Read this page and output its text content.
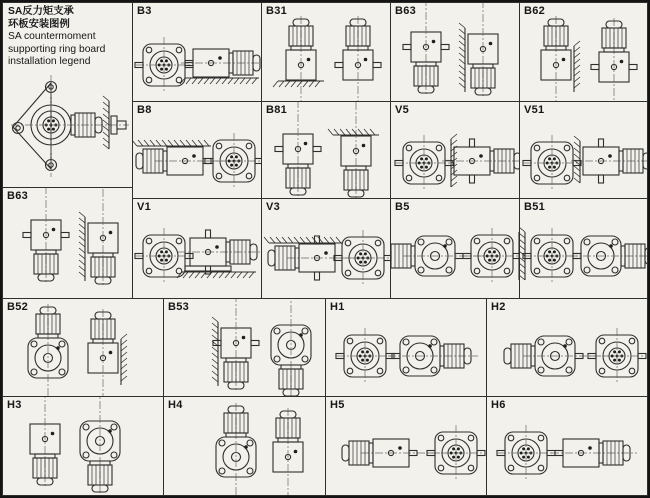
SA反力矩支承
环板安装图例
SA countermoment
supporting ring board
installation legend
B63
B3	B31	B63	B62
B8	B81	V5	V51
V1	V3	B5	B51
B52	B53	H1	H2
H3	H4	H5	H6
